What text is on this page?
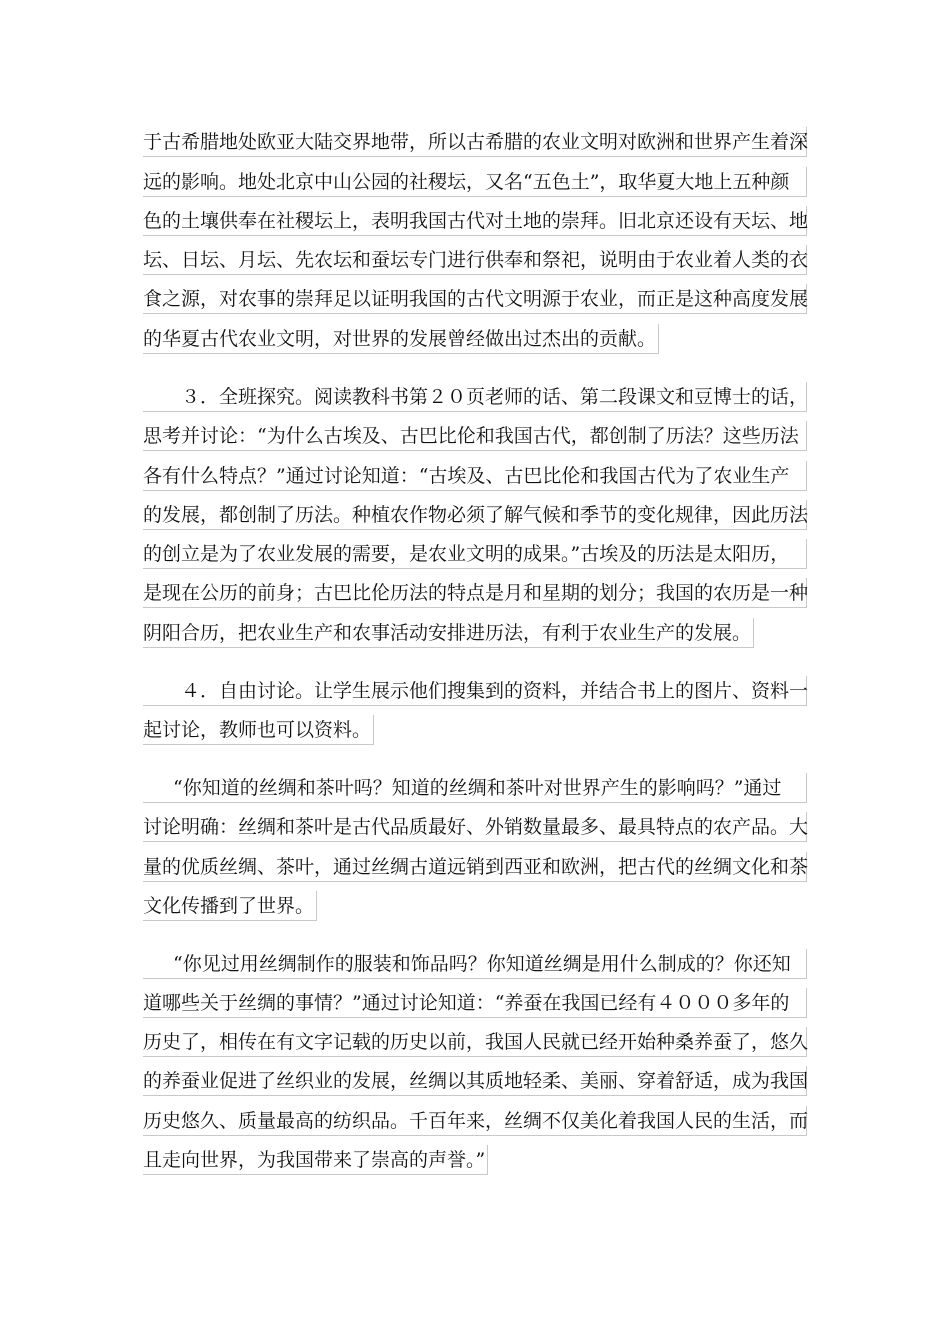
于古希腊地处欧亚大陆交界地带，所以古希腊的农业文明对欧洲和世界产生着深
远的影响。地处北京中山公园的社稷坛，又名“五色土”，取华夏大地上五种颜
色的土壤供奉在社稷坛上，表明我国古代对土地的崇拜。旧北京还设有天坛、地
坛、日坛、月坛、先农坛和蚕坛专门进行供奉和祭祀，说明由于农业着人类的衣
食之源，对农事的崇拜足以证明我国的古代文明源于农业，而正是这种高度发展
的华夏古代农业文明，对世界的发展曾经做出过杰出的贡献。
３．全班探究。阅读教科书第２０页老师的话、第二段课文和豆博士的话，
思考并讨论：“为什么古埃及、古巴比伦和我国古代，都创制了历法？这些历法
各有什么特点？”通过讨论知道：“古埃及、古巴比伦和我国古代为了农业生产
的发展，都创制了历法。种植农作物必须了解气候和季节的变化规律，因此历法
的创立是为了农业发展的需要，是农业文明的成果。”古埃及的历法是太阳历，
是现在公历的前身；古巴比伦历法的特点是月和星期的划分；我国的农历是一种
阴阳合历，把农业生产和农事活动安排进历法，有利于农业生产的发展。
４．自由讨论。让学生展示他们搜集到的资料，并结合书上的图片、资料一
起讨论，教师也可以资料。
“你知道的丝绸和茶叶吗？知道的丝绸和茶叶对世界产生的影响吗？”通过
讨论明确：丝绸和茶叶是古代品质最好、外销数量最多、最具特点的农产品。大
量的优质丝绸、茶叶，通过丝绸古道远销到西亚和欧洲，把古代的丝绸文化和茶
文化传播到了世界。
“你见过用丝绸制作的服装和饰品吗？你知道丝绸是用什么制成的？你还知
道哪些关于丝绸的事情？”通过讨论知道：“养蚕在我国已经有４０００多年的
历史了，相传在有文字记载的历史以前，我国人民就已经开始种桑养蚕了，悠久
的养蚕业促进了丝织业的发展，丝绸以其质地轻柔、美丽、穿着舒适，成为我国
历史悠久、质量最高的纺织品。千百年来，丝绸不仅美化着我国人民的生活，而
且走向世界，为我国带来了崇高的声誉。”
